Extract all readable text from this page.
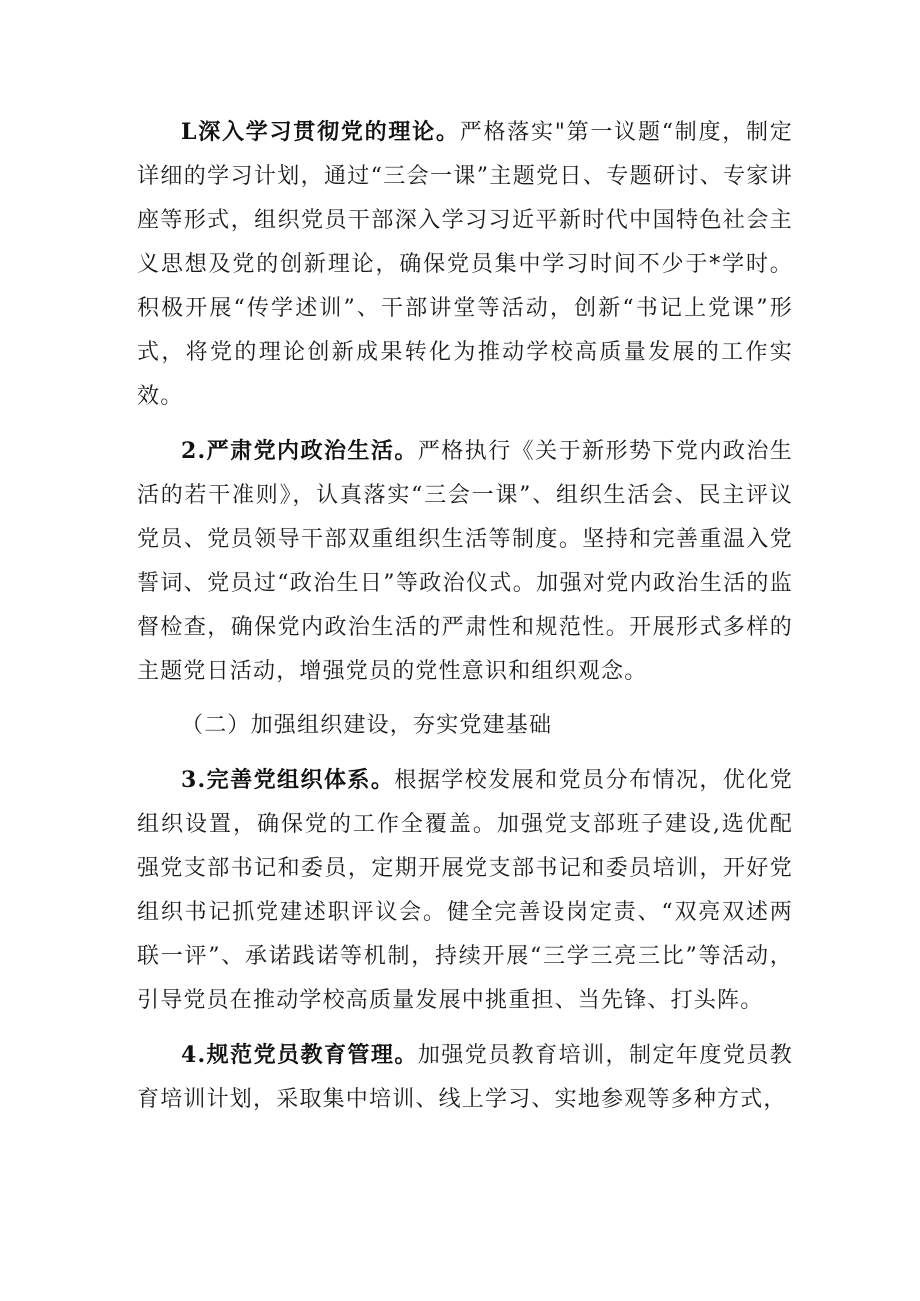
L深入学习贯彻党的理论。严格落实"第一议题“制度，制定详细的学习计划，通过“三会一课”主题党日、专题研讨、专家讲座等形式，组织党员干部深入学习习近平新时代中国特色社会主义思想及党的创新理论，确保党员集中学习时间不少于*学时。积极开展“传学述训”、干部讲堂等活动，创新“书记上党课”形式，将党的理论创新成果转化为推动学校高质量发展的工作实效。

2.严肃党内政治生活。严格执行《关于新形势下党内政治生活的若干准则》，认真落实“三会一课”、组织生活会、民主评议党员、党员领导干部双重组织生活等制度。坚持和完善重温入党誓词、党员过“政治生日”等政治仪式。加强对党内政治生活的监督检查，确保党内政治生活的严肃性和规范性。开展形式多样的主题党日活动，增强党员的党性意识和组织观念。

（二）加强组织建设，夯实党建基础

3.完善党组织体系。根据学校发展和党员分布情况，优化党组织设置，确保党的工作全覆盖。加强党支部班子建设,选优配强党支部书记和委员，定期开展党支部书记和委员培训，开好党组织书记抓党建述职评议会。健全完善设岗定责、“双亮双述两联一评”、承诺践诺等机制，持续开展“三学三亮三比”等活动，引导党员在推动学校高质量发展中挑重担、当先锋、打头阵。

4.规范党员教育管理。加强党员教育培训，制定年度党员教育培训计划，采取集中培训、线上学习、实地参观等多种方式，
